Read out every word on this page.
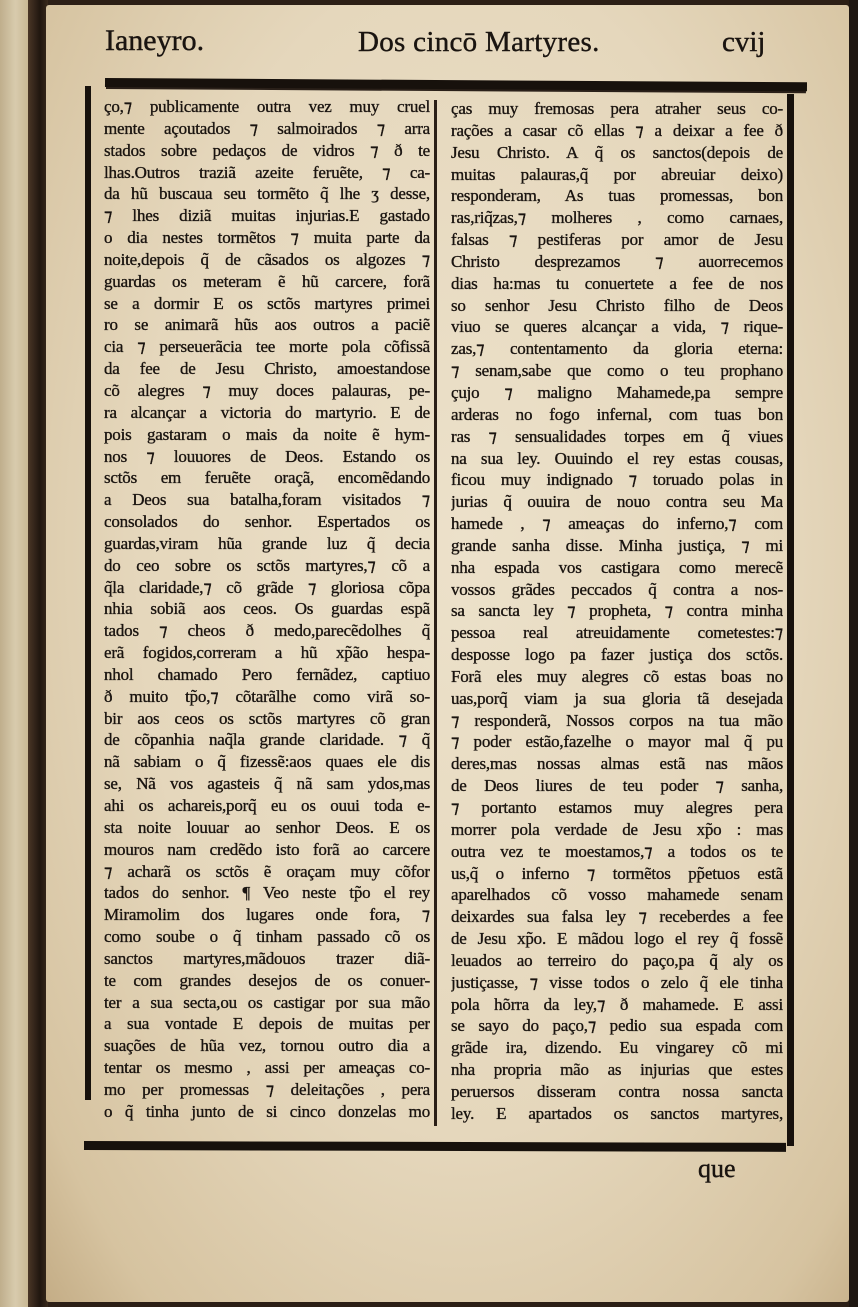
Ianeyro.	Dos cincō Martyres.	cvij
ço,⁊ publicamente outra vez muy cruel
mente açoutados ⁊ salmoirados ⁊ arra
stados sobre pedaços de vidros ⁊ ð te
lhas.Outros traziã azeite feruẽte, ⁊ ca-
da hũ buscaua seu tormẽto q̃ lhe ʒ desse,
⁊ lhes diziã muitas injurias.E gastado
o dia nestes tormẽtos ⁊ muita parte da
noite,depois q̃ de cãsados os algozes ⁊
guardas os meteram ẽ hũ carcere, forã
se a dormir E os sctõs martyres primei
ro se animarã hũs aos outros a paciẽ
cia ⁊ perseuerãcia tee morte pola cõfissã
da fee de Jesu Christo, amoestandose
cõ alegres ⁊ muy doces palauras, pe-
ra alcançar a victoria do martyrio. E de
pois gastaram o mais da noite ẽ hym-
nos ⁊ louuores de Deos. Estando os
sctõs em feruẽte oraçã, encomẽdando
a Deos sua batalha,foram visitados ⁊
consolados do senhor. Espertados os
guardas,viram hũa grande luz q̃ decia
do ceo sobre os sctõs martyres,⁊ cõ a
q̃la claridade,⁊ cõ grãde ⁊ gloriosa cõpa
nhia sobiã aos ceos. Os guardas espã
tados ⁊ cheos ð medo,parecẽdolhes q̃
erã fogidos,correram a hũ xp̃ão hespa-
nhol chamado Pero fernãdez, captiuo
ð muito tp̃o,⁊ cõtarãlhe como virã so-
bir aos ceos os sctõs martyres cõ gran
de cõpanhia naq̃la grande claridade. ⁊ q̃
nã sabiam o q̃ fizessẽ:aos quaes ele dis
se, Nã vos agasteis q̃ nã sam ydos,mas
ahi os achareis,porq̃ eu os ouui toda e-
sta noite louuar ao senhor Deos. E os
mouros nam credẽdo isto forã ao carcere
⁊ acharã os sctõs ẽ oraçam muy cõfor
tados do senhor. ¶ Veo neste tp̃o el rey
Miramolim dos lugares onde fora, ⁊
como soube o q̃ tinham passado cõ os
sanctos martyres,mãdouos trazer diã-
te com grandes desejos de os conuer-
ter a sua secta,ou os castigar por sua mão
a sua vontade E depois de muitas per
suações de hũa vez, tornou outro dia a
tentar os mesmo , assi per ameaças co-
mo per promessas ⁊ deleitações , pera
o q̃ tinha junto de si cinco donzelas mo
ças muy fremosas pera atraher seus co-
rações a casar cõ ellas ⁊ a deixar a fee ð
Jesu Christo. A q̃ os sanctos(depois de
muitas palauras,q̃ por abreuiar deixo)
responderam, As tuas promessas, bon
ras,riq̃zas,⁊ molheres , como carnaes,
falsas ⁊ pestiferas por amor de Jesu
Christo desprezamos ⁊ auorrecemos
dias ha:mas tu conuertete a fee de nos
so senhor Jesu Christo filho de Deos
viuo se queres alcançar a vida, ⁊ rique-
zas,⁊ contentamento da gloria eterna:
⁊ senam,sabe que como o teu prophano
çujo ⁊ maligno Mahamede,pa sempre
arderas no fogo infernal, com tuas bon
ras ⁊ sensualidades torpes em q̃ viues
na sua ley. Ouuindo el rey estas cousas,
ficou muy indignado ⁊ toruado polas in
jurias q̃ ouuira de nouo contra seu Ma
hamede , ⁊ ameaças do inferno,⁊ com
grande sanha disse. Minha justiça, ⁊ mi
nha espada vos castigara como merecẽ
vossos grãdes peccados q̃ contra a nos-
sa sancta ley ⁊ propheta, ⁊ contra minha
pessoa real atreuidamente cometestes:⁊
desposse logo pa fazer justiça dos sctõs.
Forã eles muy alegres cõ estas boas no
uas,porq̃ viam ja sua gloria tã desejada
⁊ responderã, Nossos corpos na tua mão
⁊ poder estão,fazelhe o mayor mal q̃ pu
deres,mas nossas almas estã nas mãos
de Deos liures de teu poder ⁊ sanha,
⁊ portanto estamos muy alegres pera
morrer pola verdade de Jesu xp̃o : mas
outra vez te moestamos,⁊ a todos os te
us,q̃ o inferno ⁊ tormẽtos pp̃etuos estã
aparelhados cõ vosso mahamede senam
deixardes sua falsa ley ⁊ receberdes a fee
de Jesu xp̃o. E mãdou logo el rey q̃ fossẽ
leuados ao terreiro do paço,pa q̃ aly os
justiçasse, ⁊ visse todos o zelo q̃ ele tinha
pola hõrra da ley,⁊ ð mahamede. E assi
se sayo do paço,⁊ pedio sua espada com
grãde ira, dizendo. Eu vingarey cõ mi
nha propria mão as injurias que estes
peruersos disseram contra nossa sancta
ley. E apartados os sanctos martyres,
que
